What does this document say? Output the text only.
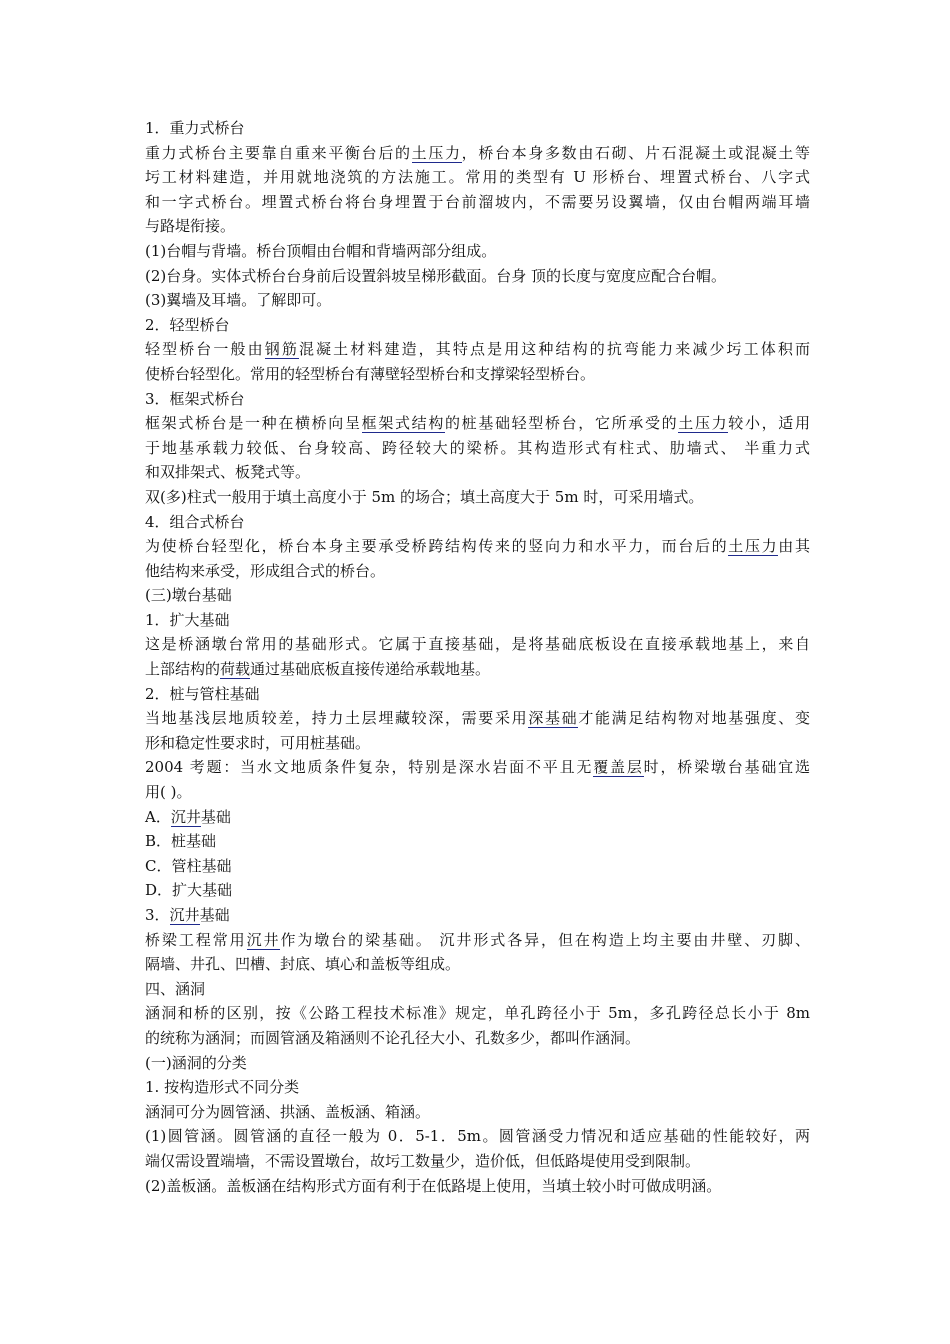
1．重力式桥台
重力式桥台主要靠自重来平衡台后的土压力，桥台本身多数由石砌、片石混凝土或混凝土等
圬工材料建造，并用就地浇筑的方法施工。常用的类型有 U 形桥台、埋置式桥台、八字式
和一字式桥台。埋置式桥台将台身埋置于台前溜坡内，不需要另设翼墙，仅由台帽两端耳墙
与路堤衔接。
(1)台帽与背墙。桥台顶帽由台帽和背墙两部分组成。
(2)台身。实体式桥台台身前后设置斜坡呈梯形截面。台身 顶的长度与宽度应配合台帽。
(3)翼墙及耳墙。了解即可。
2．轻型桥台
轻型桥台一般由钢筋混凝土材料建造，其特点是用这种结构的抗弯能力来减少圬工体积而
使桥台轻型化。常用的轻型桥台有薄壁轻型桥台和支撑梁轻型桥台。
3．框架式桥台
框架式桥台是一种在横桥向呈框架式结构的桩基础轻型桥台，它所承受的土压力较小，适用
于地基承载力较低、台身较高、跨径较大的梁桥。其构造形式有柱式、肋墙式、 半重力式
和双排架式、板凳式等。
双(多)柱式一般用于填土高度小于 5m 的场合；填土高度大于 5m 时，可采用墙式。
4．组合式桥台
为使桥台轻型化，桥台本身主要承受桥跨结构传来的竖向力和水平力，而台后的土压力由其
他结构来承受，形成组合式的桥台。
(三)墩台基础
1．扩大基础
这是桥涵墩台常用的基础形式。它属于直接基础，是将基础底板设在直接承载地基上，来自
上部结构的荷载通过基础底板直接传递给承载地基。
2．桩与管柱基础
当地基浅层地质较差，持力土层埋藏较深，需要采用深基础才能满足结构物对地基强度、变
形和稳定性要求时，可用桩基础。
2004 考题：当水文地质条件复杂，特别是深水岩面不平且无覆盖层时，桥梁墩台基础宜选
用( )。
A．沉井基础
B．桩基础
C．管柱基础
D．扩大基础
3．沉井基础
桥梁工程常用沉井作为墩台的梁基础。 沉井形式各异，但在构造上均主要由井壁、刃脚、
隔墙、井孔、凹槽、封底、填心和盖板等组成。
四、涵洞
涵洞和桥的区别，按《公路工程技术标准》规定，单孔跨径小于 5m，多孔跨径总长小于 8m
的统称为涵洞；而圆管涵及箱涵则不论孔径大小、孔数多少，都叫作涵洞。
(一)涵洞的分类
1. 按构造形式不同分类
涵洞可分为圆管涵、拱涵、盖板涵、箱涵。
(1)圆管涵。圆管涵的直径一般为 0．5-1．5m。圆管涵受力情况和适应基础的性能较好，两
端仅需设置端墙，不需设置墩台，故圬工数量少，造价低，但低路堤使用受到限制。
(2)盖板涵。盖板涵在结构形式方面有利于在低路堤上使用，当填土较小时可做成明涵。
